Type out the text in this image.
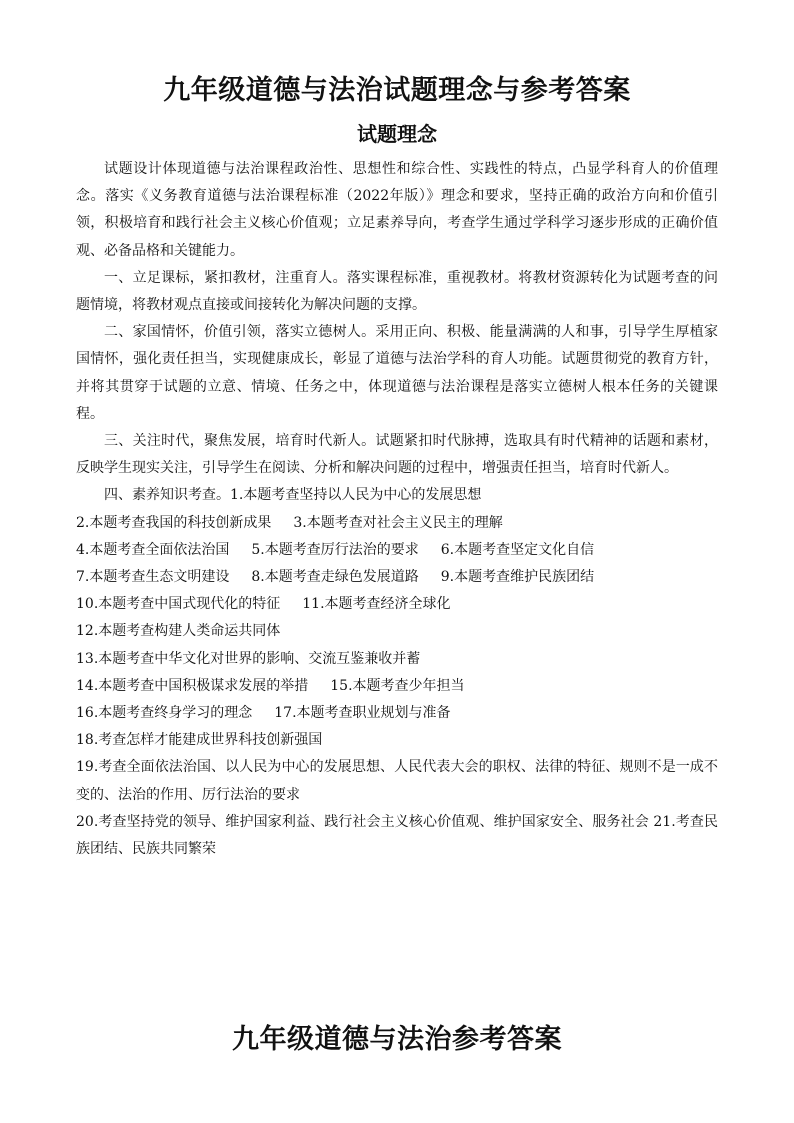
九年级道德与法治试题理念与参考答案
试题理念

试题设计体现道德与法治课程政治性、思想性和综合性、实践性的特点，凸显学科育人的价值理念。落实《义务教育道德与法治课程标准（2022年版）》理念和要求，坚持正确的政治方向和价值引领，积极培育和践行社会主义核心价值观；立足素养导向，考查学生通过学科学习逐步形成的正确价值观、必备品格和关键能力。

一、立足课标，紧扣教材，注重育人。落实课程标准，重视教材。将教材资源转化为试题考查的问题情境，将教材观点直接或间接转化为解决问题的支撑。

二、家国情怀，价值引领，落实立德树人。采用正向、积极、能量满满的人和事，引导学生厚植家国情怀，强化责任担当，实现健康成长，彰显了道德与法治学科的育人功能。试题贯彻党的教育方针，并将其贯穿于试题的立意、情境、任务之中，体现道德与法治课程是落实立德树人根本任务的关键课程。

三、关注时代，聚焦发展，培育时代新人。试题紧扣时代脉搏，选取具有时代精神的话题和素材，反映学生现实关注，引导学生在阅读、分析和解决问题的过程中，增强责任担当，培育时代新人。

四、素养知识考查。1.本题考查坚持以人民为中心的发展思想

2.本题考查我国的科技创新成果 3.本题考查对社会主义民主的理解

4.本题考查全面依法治国 5.本题考查厉行法治的要求 6.本题考查坚定文化自信

7.本题考查生态文明建设 8.本题考查走绿色发展道路 9.本题考查维护民族团结

10.本题考查中国式现代化的特征 11.本题考查经济全球化

12.本题考查构建人类命运共同体

13.本题考查中华文化对世界的影响、交流互鉴兼收并蓄

14.本题考查中国积极谋求发展的举措 15.本题考查少年担当

16.本题考查终身学习的理念 17.本题考查职业规划与准备

18.考查怎样才能建成世界科技创新强国

19.考查全面依法治国、以人民为中心的发展思想、人民代表大会的职权、法律的特征、规则不是一成不变的、法治的作用、厉行法治的要求

20.考查坚持党的领导、维护国家利益、践行社会主义核心价值观、维护国家安全、服务社会 21.考查民族团结、民族共同繁荣

九年级道德与法治参考答案
